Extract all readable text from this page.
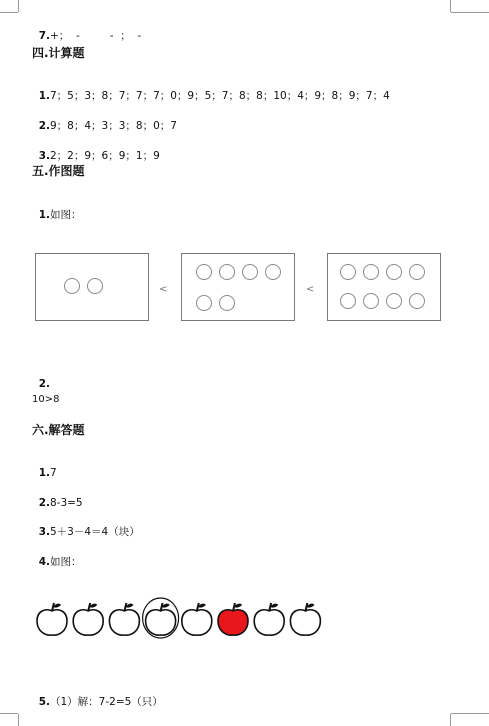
7.+；  -         -  ；  -

四.计算题

1.7；5；3；8；7；7；7；0；9；5；7；8；8；10；4；9；8；9；7；4

2.9；8；4；3；3；8；0；7

3.2；2；9；6；9；1；9

五.作图题

1.如图：

<	<

2.

10>8
六.解答题

1.7

2.8-3=5

3.5＋3－4＝4（块）

4.如图：

5.（1）解：7-2=5（只）
